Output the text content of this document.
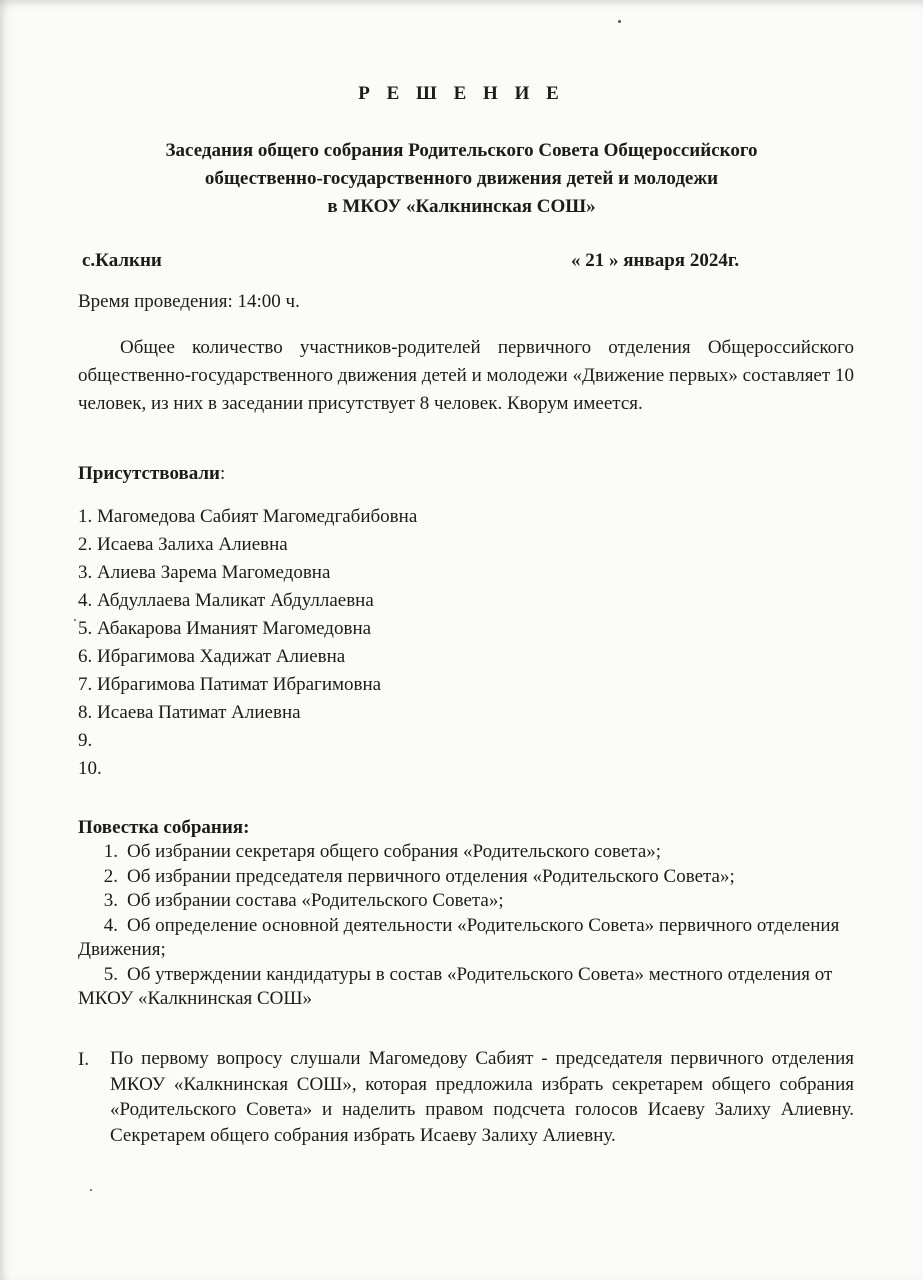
Р Е Ш Е Н И Е
Заседания общего собрания Родительского Совета Общероссийского
общественно-государственного движения детей и молодежи
в МКОУ «Калкнинская СОШ»
с.Калкни	« 21 » января 2024г.
Время проведения: 14:00 ч.
Общее количество участников-родителей первичного отделения Общероссийского общественно-государственного движения детей и молодежи «Движение первых» составляет 10 человек, из них в заседании присутствует 8 человек. Кворум имеется.
Присутствовали:
1. Магомедова Сабият Магомедгабибовна
2. Исаева Залиха Алиевна
3. Алиева Зарема Магомедовна
4. Абдуллаева Маликат Абдуллаевна
5. Абакарова Иманият Магомедовна
6. Ибрагимова Хадижат Алиевна
7. Ибрагимова Патимат Ибрагимовна
8. Исаева Патимат Алиевна
9.
10.
Повестка собрания:
1. Об избрании секретаря общего собрания «Родительского совета»;
2. Об избрании председателя первичного отделения «Родительского Совета»;
3. Об избрании состава «Родительского Совета»;
4. Об определение основной деятельности «Родительского Совета» первичного отделения Движения;
5. Об утверждении кандидатуры в состав «Родительского Совета» местного отделения от МКОУ «Калкнинская СОШ»
I. По первому вопросу слушали Магомедову Сабият - председателя первичного отделения МКОУ «Калкнинская СОШ», которая предложила избрать секретарем общего собрания «Родительского Совета» и наделить правом подсчета голосов Исаеву Залиху Алиевну. Секретарем общего собрания избрать Исаеву Залиху Алиевну.
